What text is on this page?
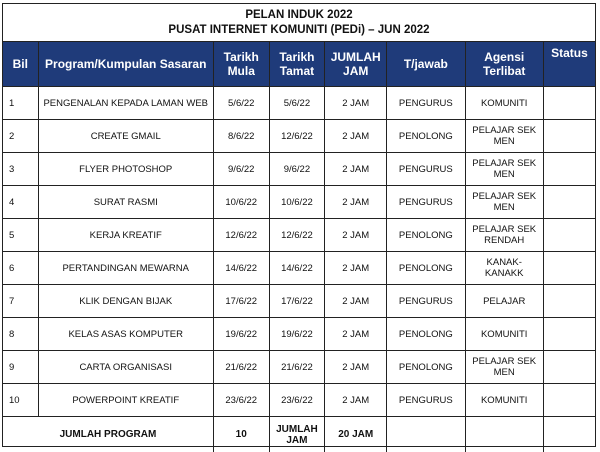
PELAN INDUK 2022
PUSAT INTERNET KOMUNITI (PEDi) – JUN 2022
Bil	Program/Kumpulan Sasaran	Tarikh Mula	Tarikh Tamat	JUMLAH JAM	T/jawab	Agensi Terlibat	Status
1	PENGENALAN KEPADA LAMAN WEB	5/6/22	5/6/22	2 JAM	PENGURUS	KOMUNITI	
2	CREATE GMAIL	8/6/22	12/6/22	2 JAM	PENOLONG	PELAJAR SEK MEN	
3	FLYER PHOTOSHOP	9/6/22	9/6/22	2 JAM	PENGURUS	PELAJAR SEK MEN	
4	SURAT RASMI	10/6/22	10/6/22	2 JAM	PENGURUS	PELAJAR SEK MEN	
5	KERJA KREATIF	12/6/22	12/6/22	2 JAM	PENOLONG	PELAJAR SEK RENDAH	
6	PERTANDINGAN MEWARNA	14/6/22	14/6/22	2 JAM	PENOLONG	KANAK-KANAKK	
7	KLIK DENGAN BIJAK	17/6/22	17/6/22	2 JAM	PENGURUS	PELAJAR	
8	KELAS ASAS KOMPUTER	19/6/22	19/6/22	2 JAM	PENOLONG	KOMUNITI	
9	CARTA ORGANISASI	21/6/22	21/6/22	2 JAM	PENOLONG	PELAJAR SEK MEN	
10	POWERPOINT KREATIF	23/6/22	23/6/22	2 JAM	PENGURUS	KOMUNITI	
JUMLAH PROGRAM		10	JUMLAH JAM	20 JAM			
